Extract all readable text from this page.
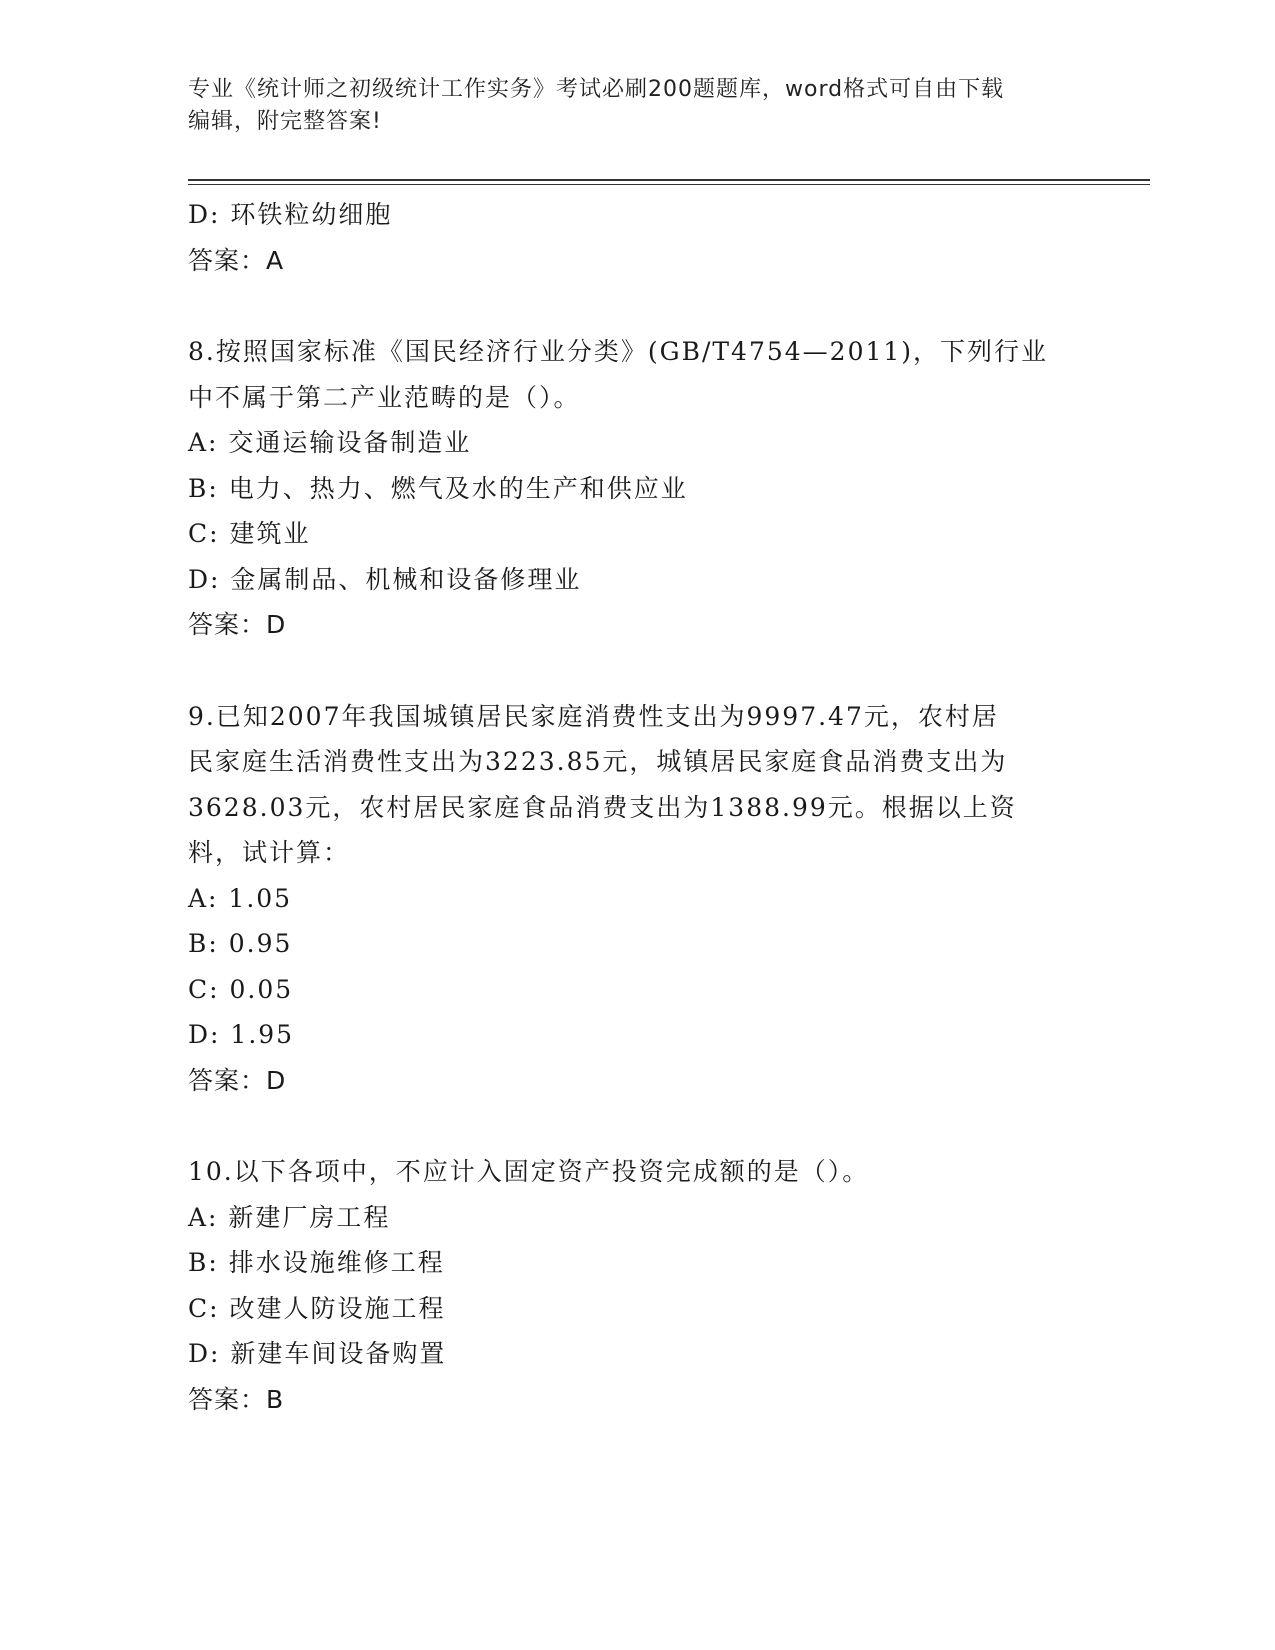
专业《统计师之初级统计工作实务》考试必刷200题题库，word格式可自由下载
编辑，附完整答案!
D: 环铁粒幼细胞
答案：A
8.按照国家标准《国民经济行业分类》(GB/T4754—2011)，下列行业
中不属于第二产业范畴的是（）。
A: 交通运输设备制造业
B: 电力、热力、燃气及水的生产和供应业
C: 建筑业
D: 金属制品、机械和设备修理业
答案：D
9.已知2007年我国城镇居民家庭消费性支出为9997.47元，农村居
民家庭生活消费性支出为3223.85元，城镇居民家庭食品消费支出为
3628.03元，农村居民家庭食品消费支出为1388.99元。根据以上资
料，试计算：
A: 1.05
B: 0.95
C: 0.05
D: 1.95
答案：D
10.以下各项中，不应计入固定资产投资完成额的是（）。
A: 新建厂房工程
B: 排水设施维修工程
C: 改建人防设施工程
D: 新建车间设备购置
答案：B
